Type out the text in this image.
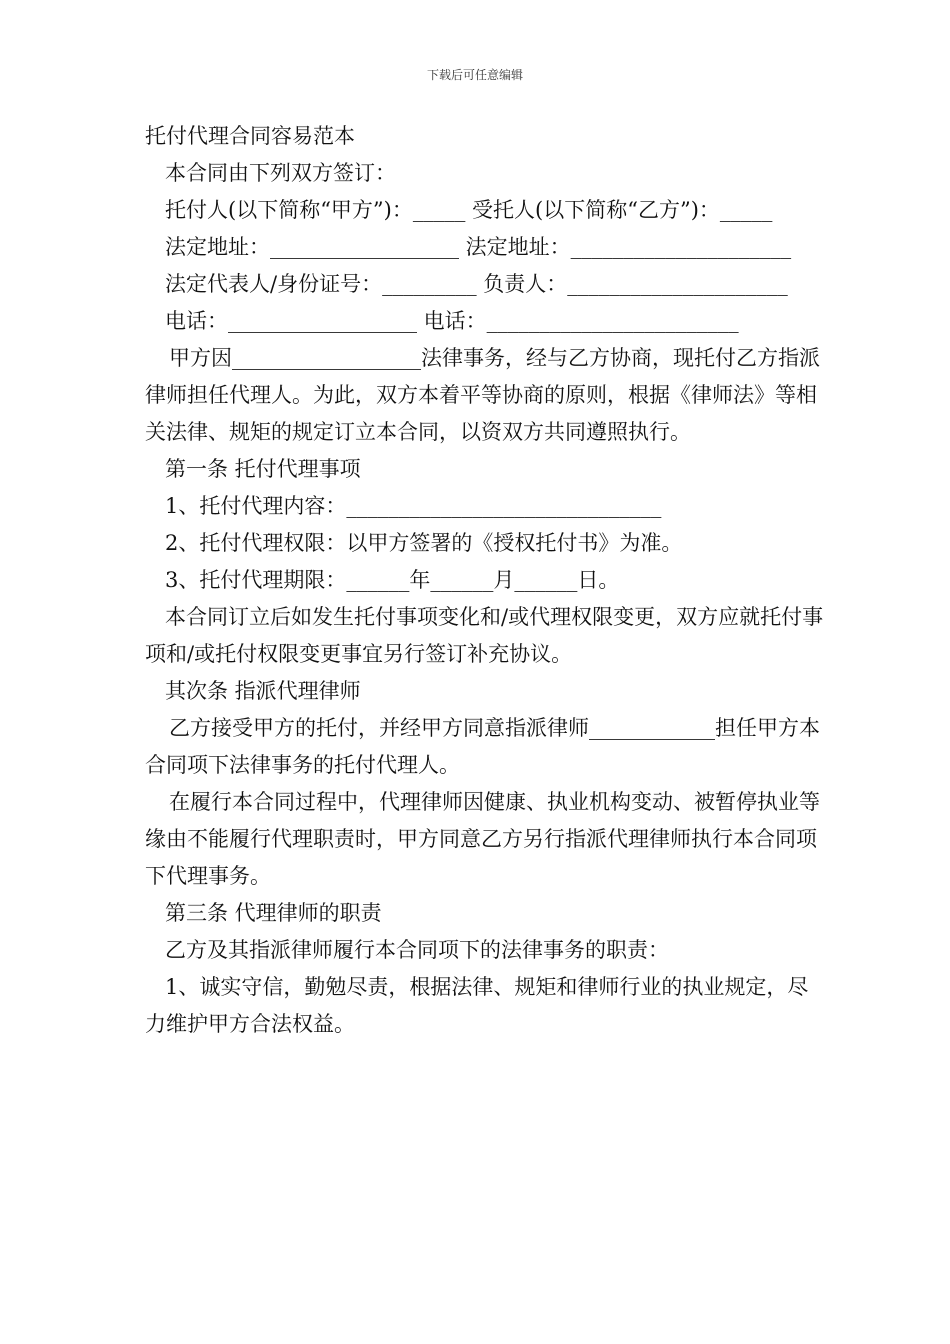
下载后可任意编辑
托付代理合同容易范本
本合同由下列双方签订：
托付人(以下简称“甲方”)：_____ 受托人(以下简称“乙方”)：_____
法定地址：__________________ 法定地址：_____________________
法定代表人/身份证号：_________ 负责人：_____________________
电话：__________________ 电话：________________________
甲方因__________________法律事务，经与乙方协商，现托付乙方指派律师担任代理人。为此，双方本着平等协商的原则，根据《律师法》等相关法律、规矩的规定订立本合同，以资双方共同遵照执行。
第一条 托付代理事项
1、托付代理内容：______________________________
2、托付代理权限：以甲方签署的《授权托付书》为准。
3、托付代理期限：______年______月______日。
本合同订立后如发生托付事项变化和/或代理权限变更，双方应就托付事项和/或托付权限变更事宜另行签订补充协议。
其次条 指派代理律师
乙方接受甲方的托付，并经甲方同意指派律师____________担任甲方本合同项下法律事务的托付代理人。
在履行本合同过程中，代理律师因健康、执业机构变动、被暂停执业等缘由不能履行代理职责时，甲方同意乙方另行指派代理律师执行本合同项下代理事务。
第三条 代理律师的职责
乙方及其指派律师履行本合同项下的法律事务的职责：
1、诚实守信，勤勉尽责，根据法律、规矩和律师行业的执业规定，尽力维护甲方合法权益。
